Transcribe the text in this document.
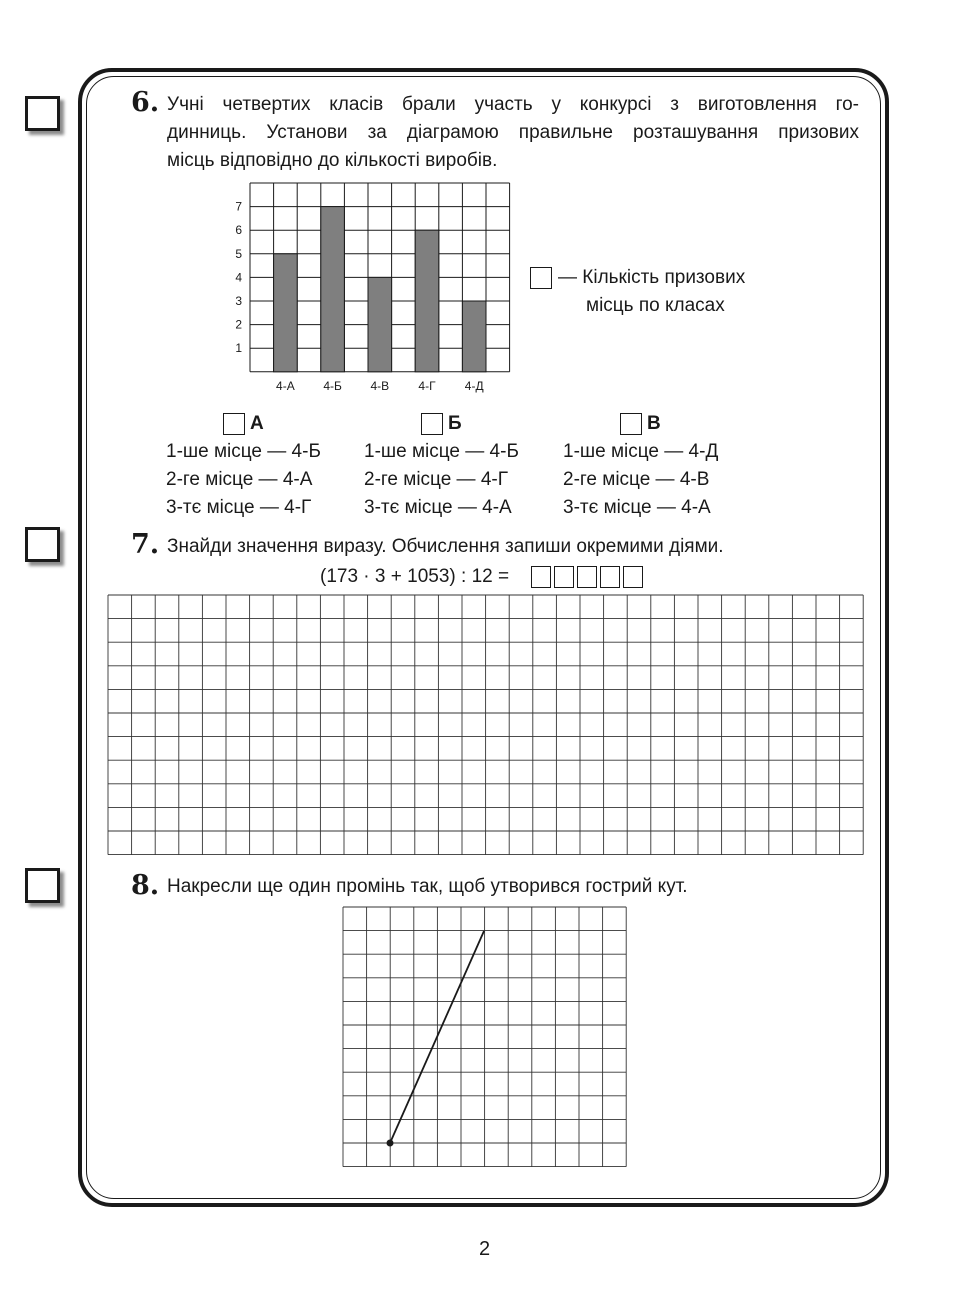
6. Учні четвертих класів брали участь у конкурсі з виготовлення го-
динниць. Установи за діаграмою правильне розташування призових
місць відповідно до кількості виробів.
4-А 4-Б 4-В 4-Г 4-Д
1
2
3
4
5
6
7
— Кількість призових
місць по класах
А
1-ше місце — 4-Б
2-ге місце — 4-А
3-тє місце — 4-Г
Б
1-ше місце — 4-Б
2-ге місце — 4-Г
3-тє місце — 4-А
В
1-ше місце — 4-Д
2-ге місце — 4-В
3-тє місце — 4-А
7. Знайди значення виразу. Обчислення запиши окремими діями.
(173 · 3 + 1053) : 12 =
8. Накресли ще один промінь так, щоб утворився гострий кут.
2
